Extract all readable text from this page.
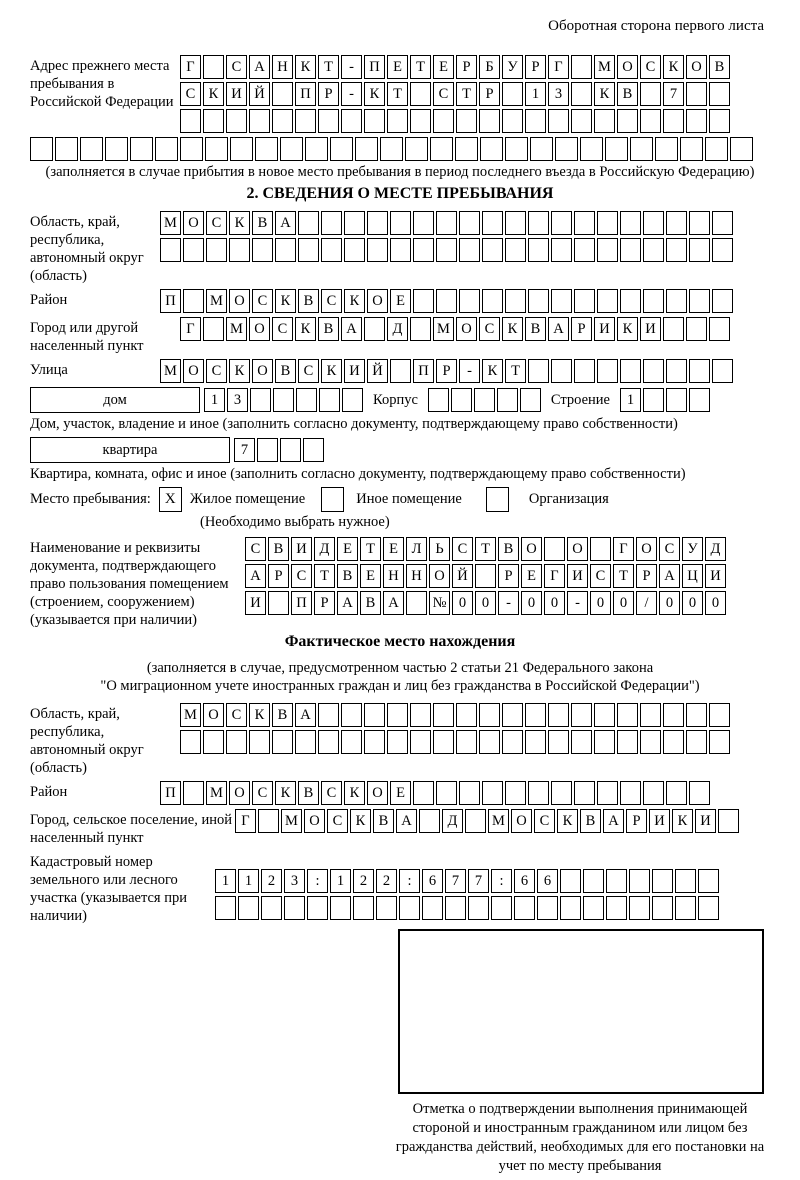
Оборотная сторона первого листа
Адрес прежнего места пребывания в Российской Федерации
Г	С А Н К Т	-	П Е Т Е	Р	Б У Р	Г	М О С К О В
С К И Й	П Р	-	К Т	С Т	Р	1	3	К В	7
(заполняется в случае прибытия в новое место пребывания в период последнего въезда в Российскую Федерацию)
2. СВЕДЕНИЯ О МЕСТЕ ПРЕБЫВАНИЯ
Область, край, республика, автономный округ (область)
М О С К В А
Район	П	М О С К В С К О Е
Город или другой населенный пункт
Г	М О С К В А	Д	М О С К В А Р И К И
Улица	М О С К О В С К И Й	П Р	-	К Т
дом	1	3	Корпус	Строение	1
Дом, участок, владение и иное (заполнить согласно документу, подтверждающему право собственности)
квартира	7
Квартира, комната, офис и иное (заполнить согласно документу, подтверждающему право собственности)
Место пребывания: X Жилое помещение	Иное помещение	Организация
(Необходимо выбрать нужное)
Наименование и реквизиты документа, подтверждающего право пользования помещением (строением, сооружением) (указывается при наличии)
С В И Д Е Т Е Л Ь С Т В О	О	Г О С У Д
А Р С Т В Е Н Н О Й	Р	Е Г И С Т	Р А Ц И
И	П Р А В А	№ 0	0	-	0	0	-	0	0	/	0	0	0
Фактическое место нахождения
(заполняется в случае, предусмотренном частью 2 статьи 21 Федерального закона
"О миграционном учете иностранных граждан и лиц без гражданства в Российской Федерации")
Область, край, республика, автономный округ (область)
М О С К В А
Район	П	М О С К В С К О Е
Город, сельское поселение, иной населенный пункт
Г	М О С К В А	Д	М О С К В А Р И К И
Кадастровый номер земельного или лесного участка (указывается при наличии)
1	1	2	3	:	1	2	2	:	6	7	7	:	6	6
Отметка о подтверждении выполнения принимающей стороной и иностранным гражданином или лицом без гражданства действий, необходимых для его постановки на учет по месту пребывания
